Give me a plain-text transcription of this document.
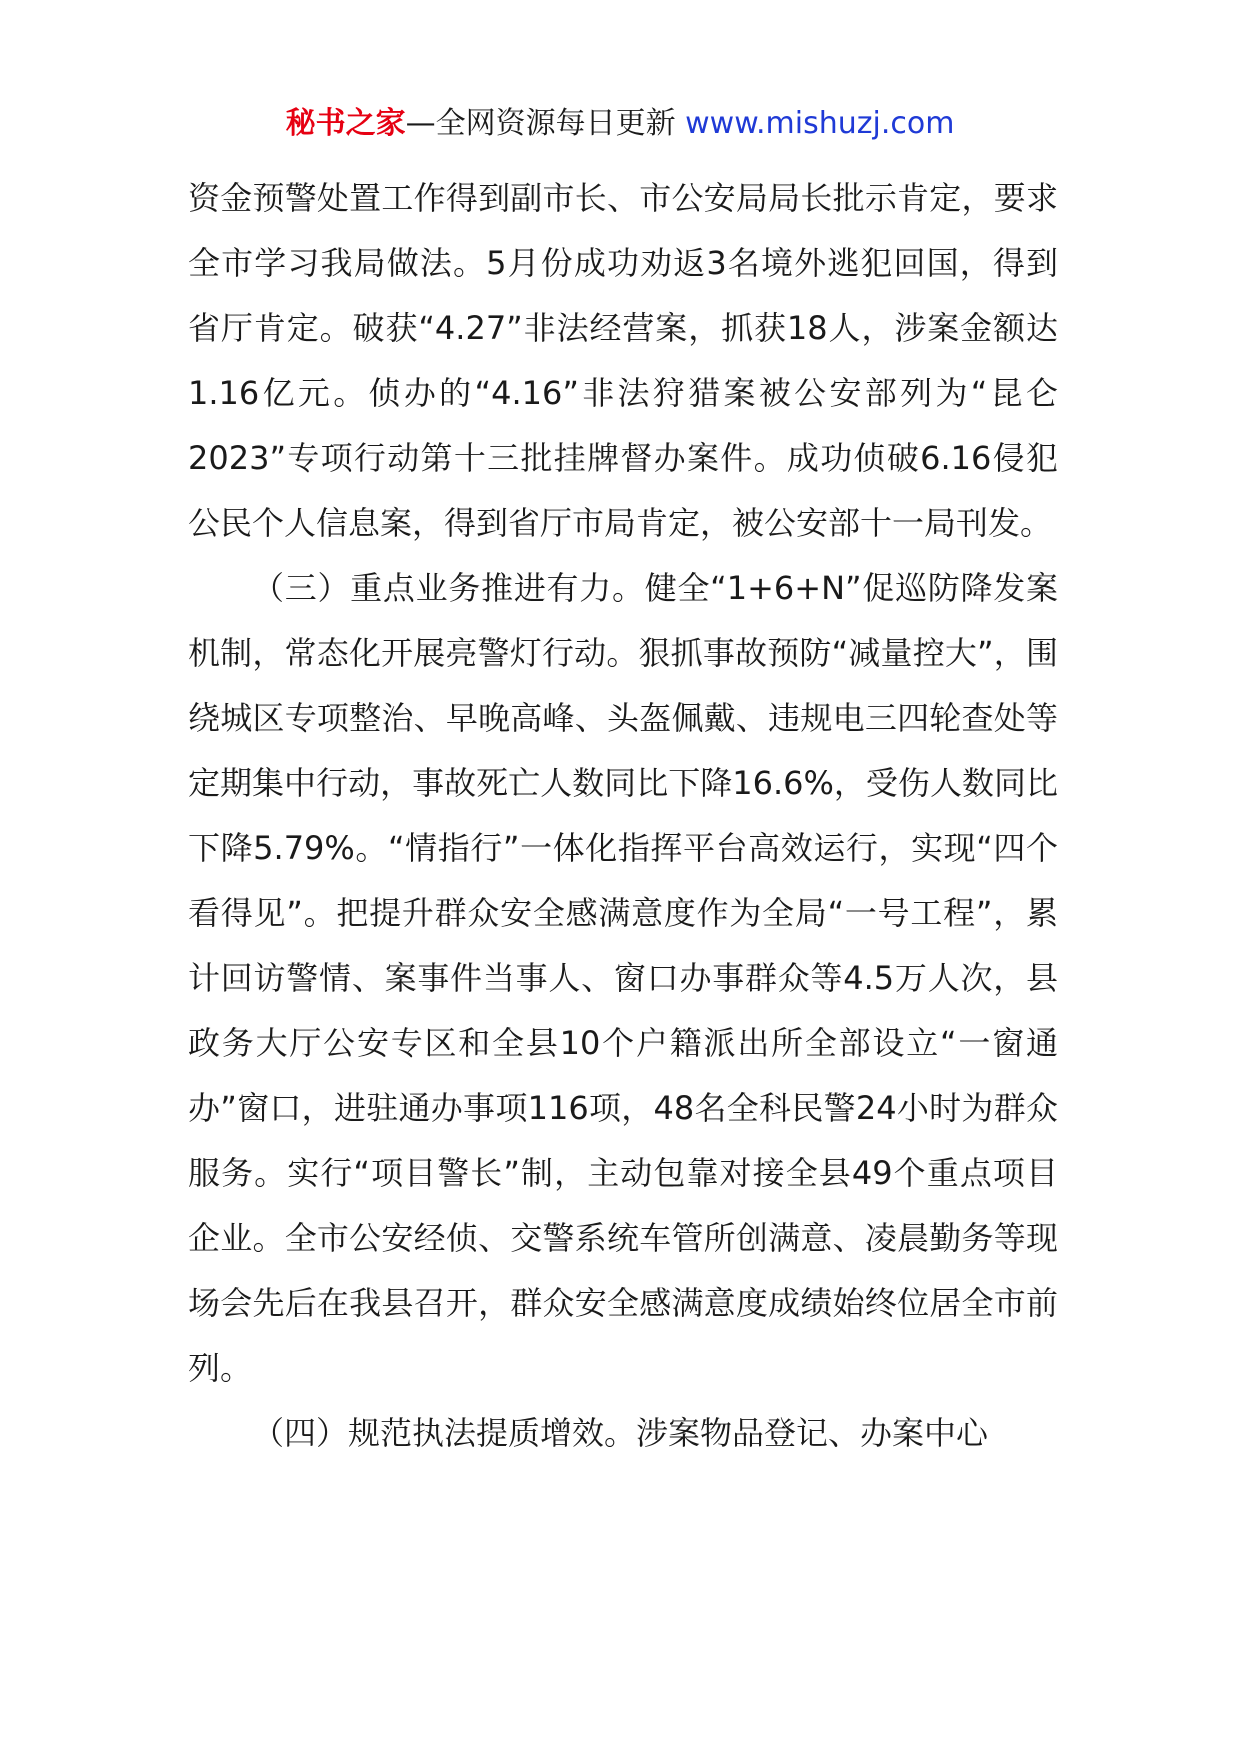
秘书之家—全网资源每日更新 www.mishuzj.com

资金预警处置工作得到副市长、市公安局局长批示肯定，要求全市学习我局做法。5月份成功劝返3名境外逃犯回国，得到省厅肯定。破获“4.27”非法经营案，抓获18人，涉案金额达1.16亿元。侦办的“4.16”非法狩猎案被公安部列为“昆仑2023”专项行动第十三批挂牌督办案件。成功侦破6.16侵犯公民个人信息案，得到省厅市局肯定，被公安部十一局刊发。

（三）重点业务推进有力。健全“1+6+N”促巡防降发案机制，常态化开展亮警灯行动。狠抓事故预防“减量控大”，围绕城区专项整治、早晚高峰、头盔佩戴、违规电三四轮查处等定期集中行动，事故死亡人数同比下降16.6%，受伤人数同比下降5.79%。“情指行”一体化指挥平台高效运行，实现“四个看得见”。把提升群众安全感满意度作为全局“一号工程”，累计回访警情、案事件当事人、窗口办事群众等4.5万人次，县政务大厅公安专区和全县10个户籍派出所全部设立“一窗通办”窗口，进驻通办事项116项，48名全科民警24小时为群众服务。实行“项目警长”制，主动包靠对接全县49个重点项目企业。全市公安经侦、交警系统车管所创满意、凌晨勤务等现场会先后在我县召开，群众安全感满意度成绩始终位居全市前列。

（四）规范执法提质增效。涉案物品登记、办案中心
